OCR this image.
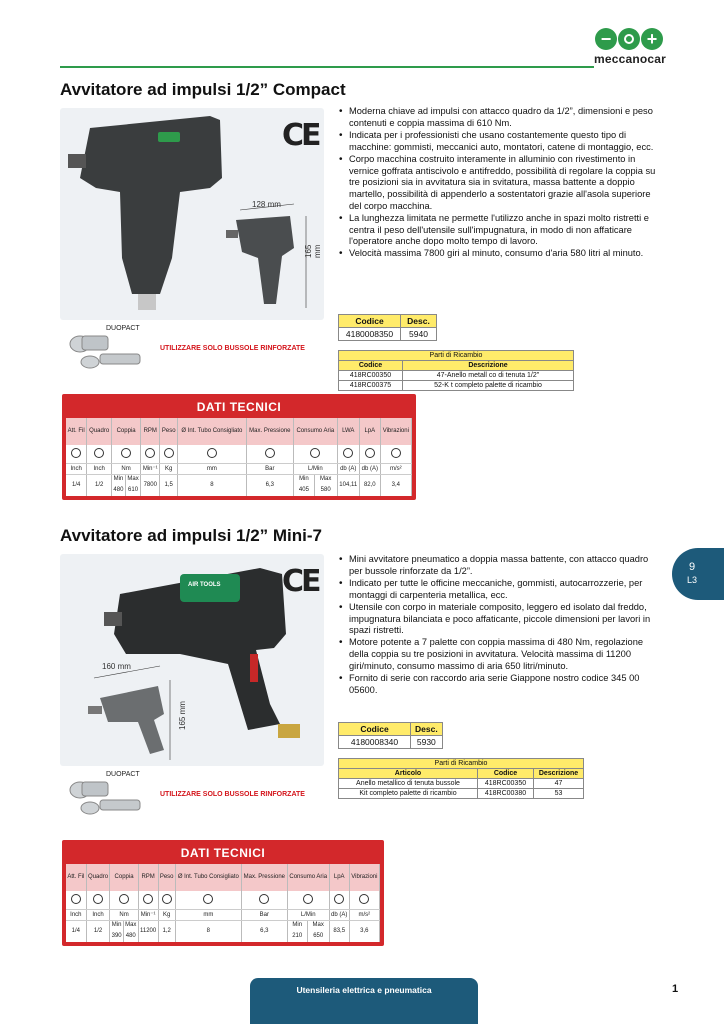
−	+
meccanocar
Avvitatore ad impulsi 1/2” Compact
CE
128 mm
165 mm
DUOPACT
UTILIZZARE SOLO BUSSOLE RINFORZATE
• Moderna chiave ad impulsi con attacco quadro da 1/2”, dimensioni e peso contenuti e coppia massima di 610 Nm.
• Indicata per i professionisti che usano costantemente questo tipo di macchine: gommisti, meccanici auto, montatori, catene di montaggio, ecc.
• Corpo macchina costruito interamente in alluminio con rivestimento in vernice goffrata antiscivolo e antifreddo, possibilità di regolare la coppia su tre posizioni sia in avvitatura sia in svitatura, massa battente a doppio martello, possibilità di appenderlo a sostentatori grazie all'asola superiore del corpo macchina.
• La lunghezza limitata ne permette l'utilizzo anche in spazi molto ristretti e centra il peso dell'utensile sull'impugnatura, in modo di non affaticare l'operatore anche dopo molto tempo di lavoro.
• Velocità massima 7800 giri al minuto, consumo d'aria 580 litri al minuto.
Codice	Desc.
4180008350	5940
Parti di Ricambio	
Codice	Descrizione
418RC00350	47-Anello metall co di tenuta 1/2"
418RC00375	52-K t completo palette di ricambio
DATI TECNICI
Att. Fil	Quadro	Coppia		RPM	Peso	Ø Int. Tubo Consigliato	Max. Pressione	Consumo Aria		LWA	LpA	Vibrazioni

Inch	Inch	Nm		Min⁻¹	Kg	mm	Bar	L/Min		db (A)	db (A)	m/s²
1/4	1/2	Min	Max	7800	1,5	8	6,3	Min	Max	104,11	82,0	3,4
		480	610					405	580			
Avvitatore ad impulsi 1/2” Mini-7
CE
AIR TOOLS
160 mm
165 mm
DUOPACT
UTILIZZARE SOLO BUSSOLE RINFORZATE
• Mini avvitatore pneumatico a doppia massa battente, con attacco quadro per bussole rinforzate da 1/2”.
• Indicato per tutte le officine meccaniche, gommisti, autocarrozzerie, per montaggi di carpenteria metallica, ecc.
• Utensile con corpo in materiale composito, leggero ed isolato dal freddo, impugnatura bilanciata e poco affaticante, piccole dimensioni per lavori in spazi ristretti.
• Motore potente a 7 palette con coppia massima di 480 Nm, regolazione della coppia su tre posizioni in avvitatura. Velocità massima di 11200 giri/minuto, consumo massimo di aria 650 litri/minuto.
• Fornito di serie con raccordo aria serie Giappone nostro codice 345 00 05600.
Codice	Desc.
4180008340	5930
Parti di Ricambio		
Articolo	Codice	Descrizione
Anello metallico di tenuta bussole	418RC00350	47
Kit completo palette di ricambio	418RC00380	53
DATI TECNICI
Att. Fil	Quadro	Coppia		RPM	Peso	Ø Int. Tubo Consigliato	Max. Pressione	Consumo Aria		LpA	Vibrazioni

Inch	Inch	Nm		Min⁻¹	Kg	mm	Bar	L/Min		db (A)	m/s²
1/4	1/2	Min	Max	11200	1,2	8	6,3	Min	Max	83,5	3,6
		390	480					210	650		
9
L3
Utensileria elettrica e pneumatica	1
